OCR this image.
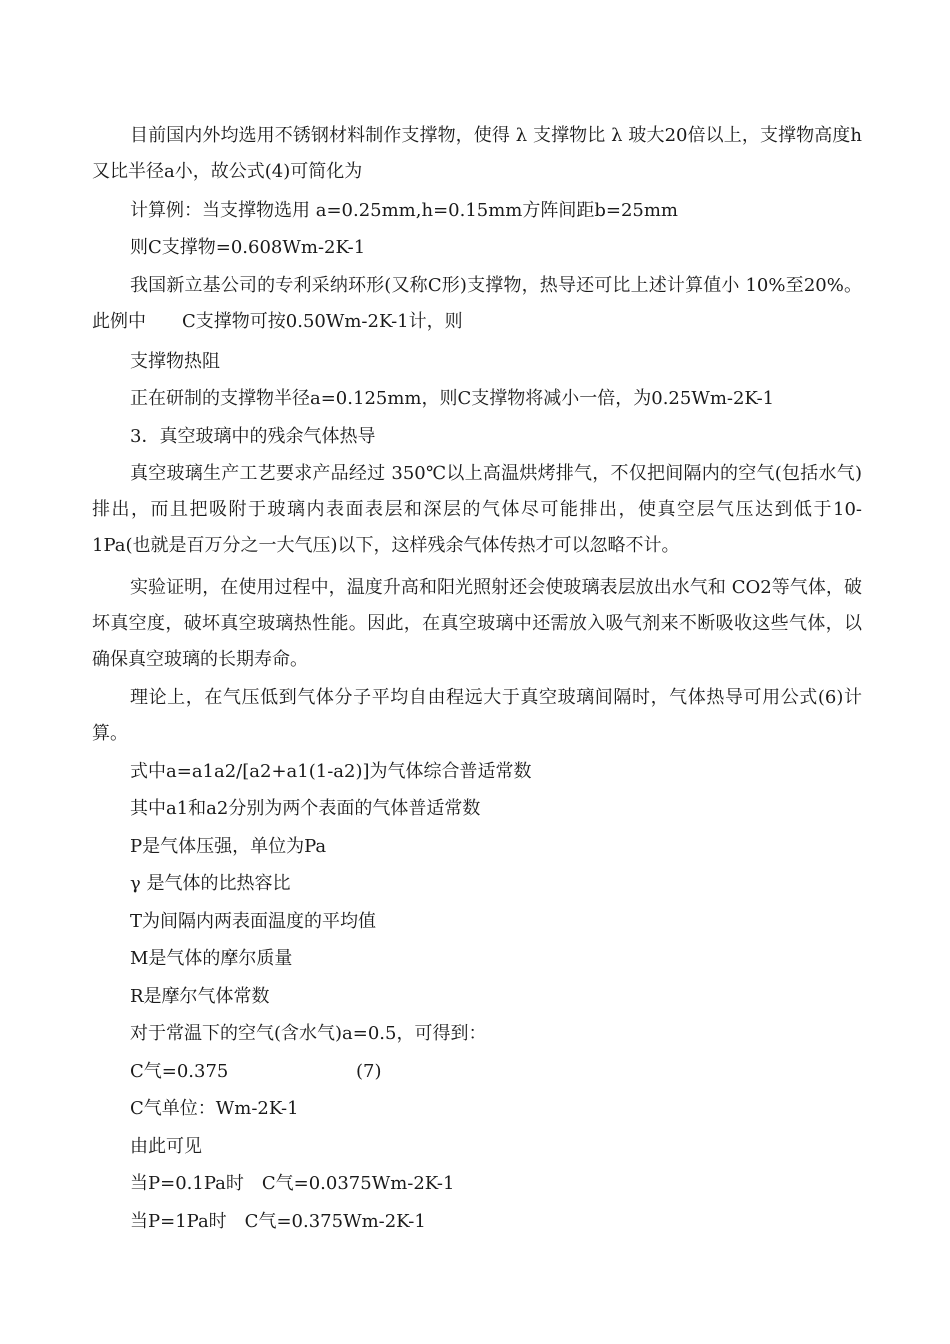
目前国内外均选用不锈钢材料制作支撑物，使得 λ 支撑物比 λ 玻大20倍以上，支撑物高度h又比半径a小，故公式(4)可简化为

计算例：当支撑物选用 a=0.25mm,h=0.15mm方阵间距b=25mm

则C支撑物=0.608Wm-2K-1

我国新立基公司的专利采纳环形(又称C形)支撑物，热导还可比上述计算值小 10%至20%。此例中　　C支撑物可按0.50Wm-2K-1计，则

支撑物热阻

正在研制的支撑物半径a=0.125mm，则C支撑物将减小一倍，为0.25Wm-2K-1

3．真空玻璃中的残余气体热导

真空玻璃生产工艺要求产品经过 350℃以上高温烘烤排气，不仅把间隔内的空气(包括水气)排出，而且把吸附于玻璃内表面表层和深层的气体尽可能排出，使真空层气压达到低于10-1Pa(也就是百万分之一大气压)以下，这样残余气体传热才可以忽略不计。

实验证明，在使用过程中，温度升高和阳光照射还会使玻璃表层放出水气和 CO2等气体，破坏真空度，破坏真空玻璃热性能。因此，在真空玻璃中还需放入吸气剂来不断吸收这些气体，以确保真空玻璃的长期寿命。

理论上，在气压低到气体分子平均自由程远大于真空玻璃间隔时，气体热导可用公式(6)计算。

式中a=a1a2/[a2+a1(1-a2)]为气体综合普适常数

其中a1和a2分别为两个表面的气体普适常数

P是气体压强，单位为Pa

γ 是气体的比热容比

T为间隔内两表面温度的平均值

M是气体的摩尔质量

R是摩尔气体常数

对于常温下的空气(含水气)a=0.5，可得到：

C气=0.375	(7)

C气单位：Wm-2K-1

由此可见

当P=0.1Pa时　C气=0.0375Wm-2K-1

当P=1Pa时　C气=0.375Wm-2K-1
